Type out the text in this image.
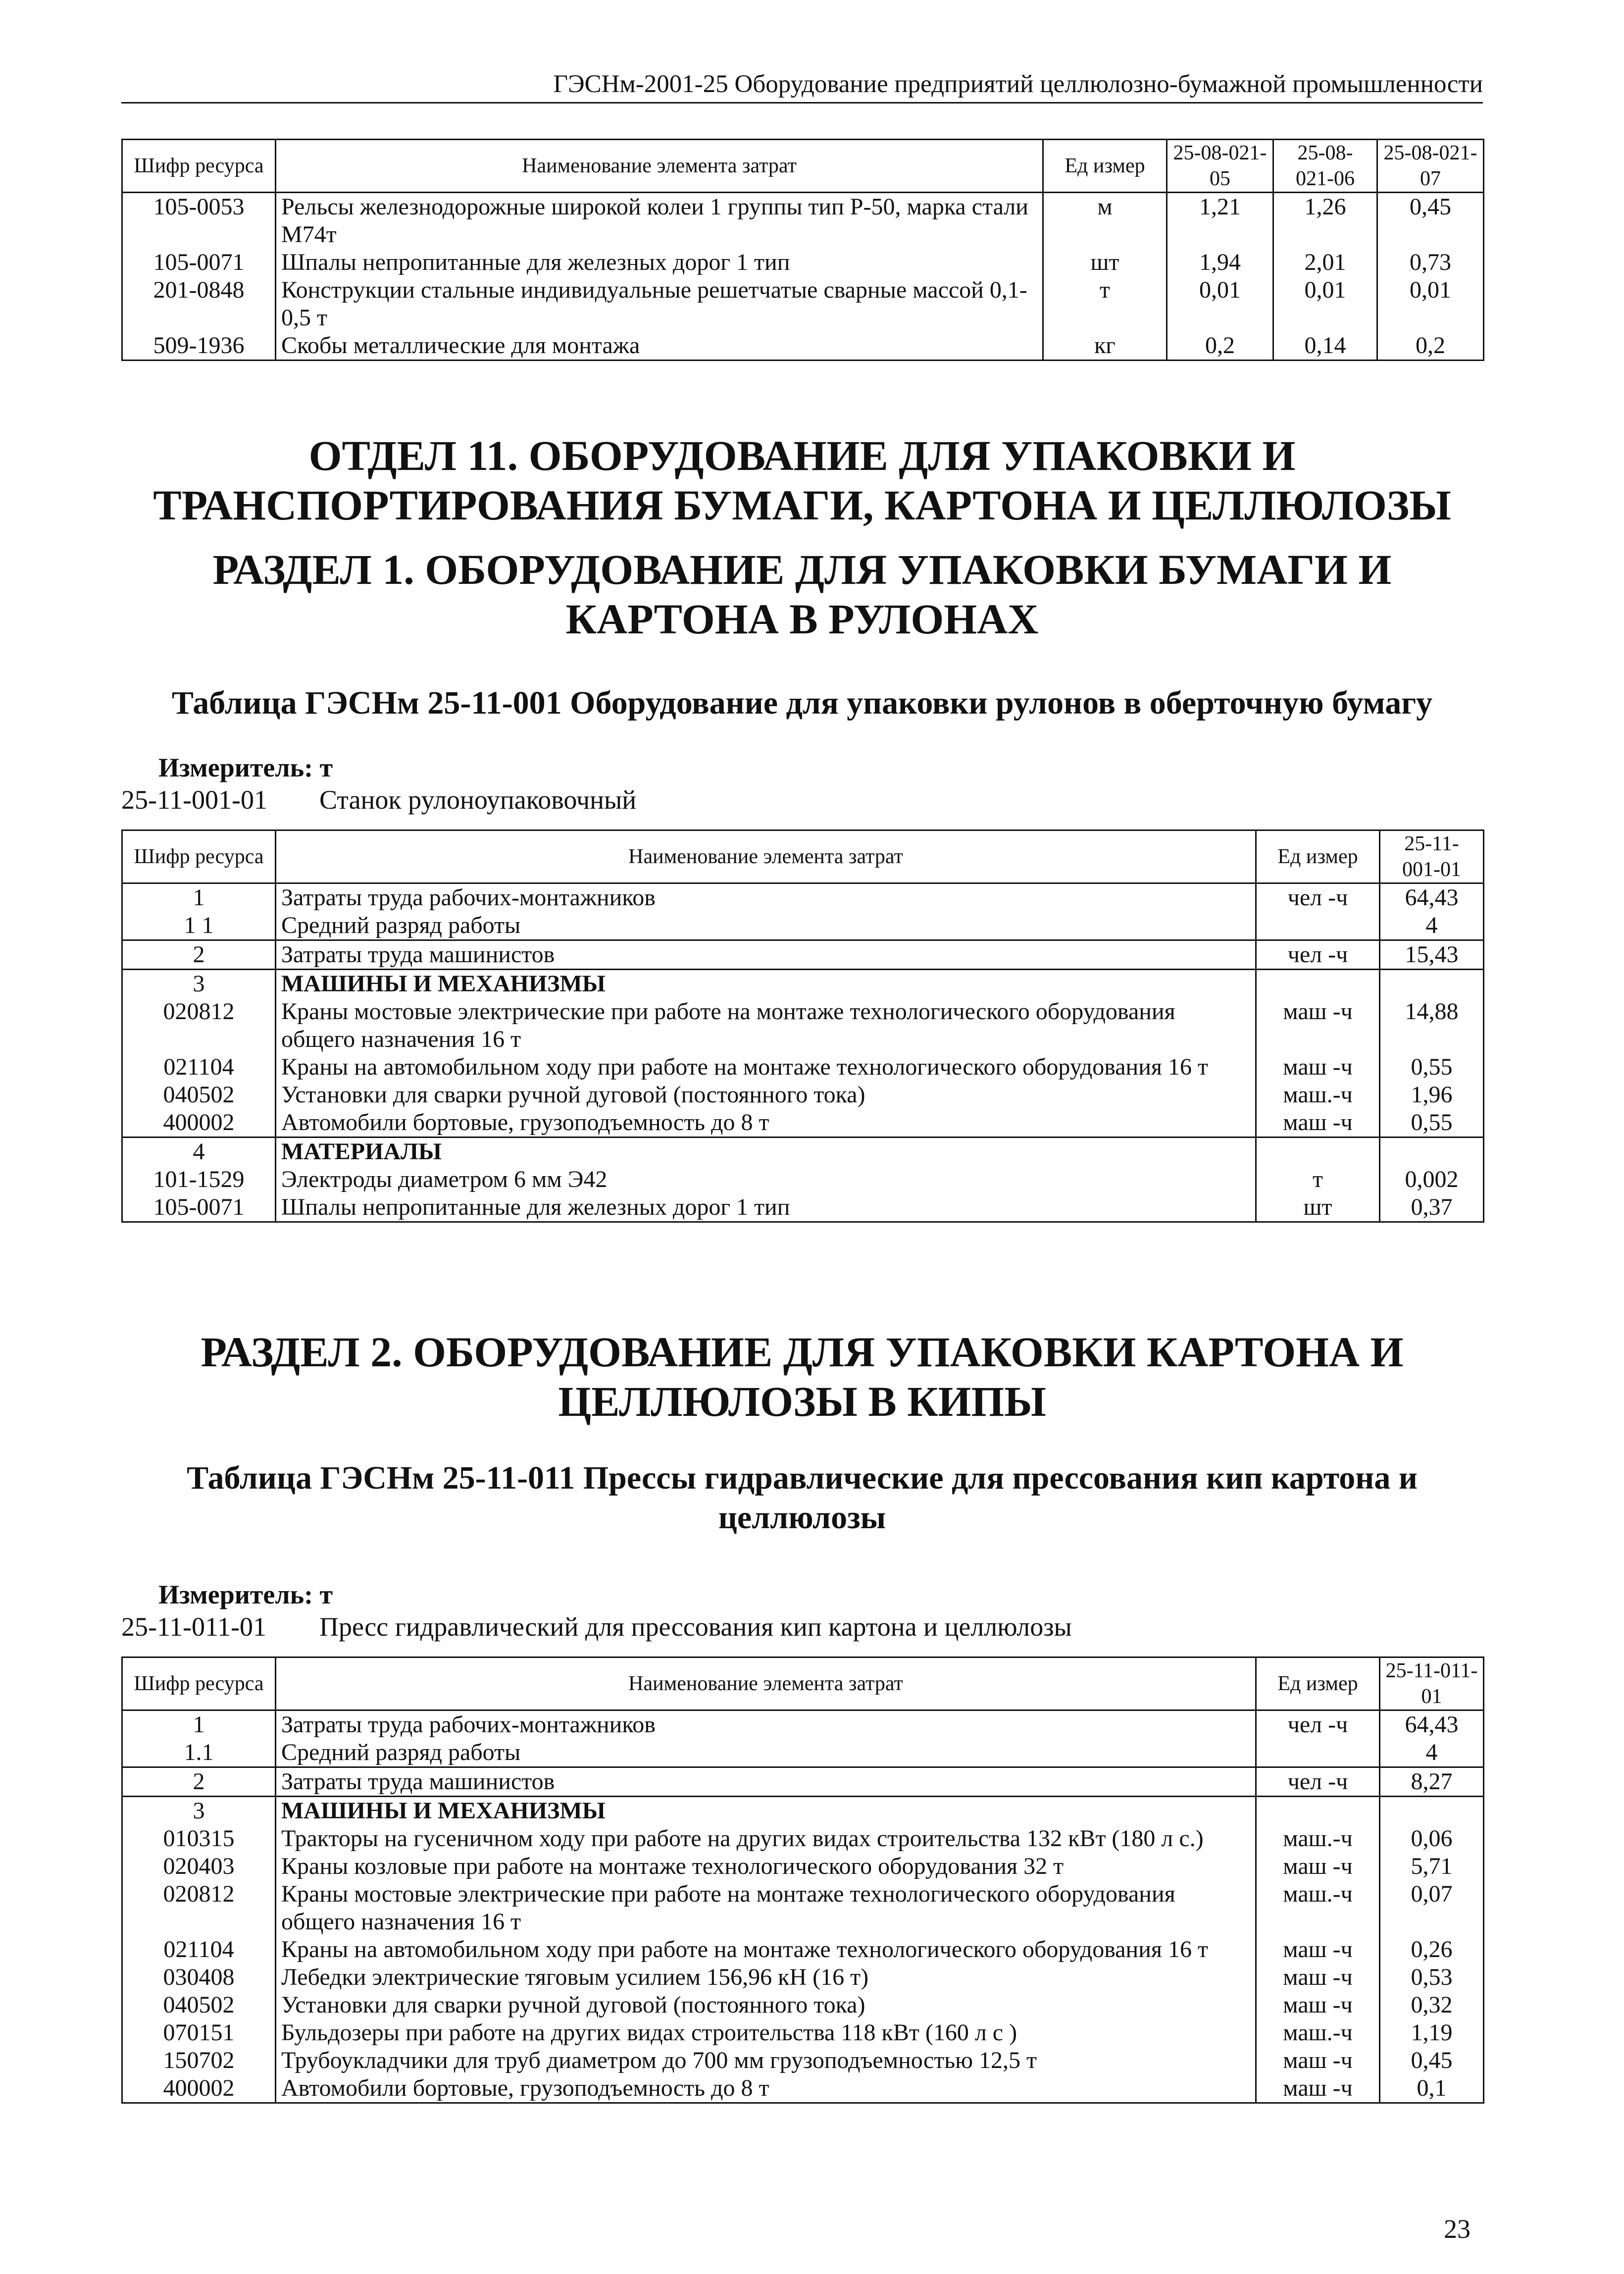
ГЭСНм-2001-25 Оборудование предприятий целлюлозно-бумажной промышленности
Шифр ресурса	Наименование элемента затрат	Ед измер	25-08-021-05	25-08-021-06	25-08-021-07
105-0053	Рельсы железнодорожные широкой колеи 1 группы тип Р-50, марка стали М74т	м	1,21	1,26	0,45
105-0071	Шпалы непропитанные для железных дорог 1 тип	шт	1,94	2,01	0,73
201-0848	Конструкции стальные индивидуальные решетчатые сварные массой 0,1-0,5 т	т	0,01	0,01	0,01
509-1936	Скобы металлические для монтажа	кг	0,2	0,14	0,2
ОТДЕЛ 11. ОБОРУДОВАНИЕ ДЛЯ УПАКОВКИ И ТРАНСПОРТИРОВАНИЯ БУМАГИ, КАРТОНА И ЦЕЛЛЮЛОЗЫ
РАЗДЕЛ 1. ОБОРУДОВАНИЕ ДЛЯ УПАКОВКИ БУМАГИ И КАРТОНА В РУЛОНАХ
Таблица ГЭСНм 25-11-001 Оборудование для упаковки рулонов в оберточную бумагу
Измеритель: т
25-11-001-01 Станок рулоноупаковочный
Шифр ресурса	Наименование элемента затрат	Ед измер	25-11-001-01
1	Затраты труда рабочих-монтажников	чел -ч	64,43
1 1	Средний разряд работы		4
2	Затраты труда машинистов	чел -ч	15,43
3	МАШИНЫ И МЕХАНИЗМЫ		
020812	Краны мостовые электрические при работе на монтаже технологического оборудования общего назначения 16 т	маш -ч	14,88
021104	Краны на автомобильном ходу при работе на монтаже технологического оборудования 16 т	маш -ч	0,55
040502	Установки для сварки ручной дуговой (постоянного тока)	маш.-ч	1,96
400002	Автомобили бортовые, грузоподъемность до 8 т	маш -ч	0,55
4	МАТЕРИАЛЫ		
101-1529	Электроды диаметром 6 мм Э42	т	0,002
105-0071	Шпалы непропитанные для железных дорог 1 тип	шт	0,37
РАЗДЕЛ 2. ОБОРУДОВАНИЕ ДЛЯ УПАКОВКИ КАРТОНА И ЦЕЛЛЮЛОЗЫ В КИПЫ
Таблица ГЭСНм 25-11-011 Прессы гидравлические для прессования кип картона и целлюлозы
Измеритель: т
25-11-011-01 Пресс гидравлический для прессования кип картона и целлюлозы
Шифр ресурса	Наименование элемента затрат	Ед измер	25-11-011-01
1	Затраты труда рабочих-монтажников	чел -ч	64,43
1.1	Средний разряд работы		4
2	Затраты труда машинистов	чел -ч	8,27
3	МАШИНЫ И МЕХАНИЗМЫ		
010315	Тракторы на гусеничном ходу при работе на других видах строительства 132 кВт (180 л с.)	маш.-ч	0,06
020403	Краны козловые при работе на монтаже технологического оборудования 32 т	маш -ч	5,71
020812	Краны мостовые электрические при работе на монтаже технологического оборудования общего назначения 16 т	маш.-ч	0,07
021104	Краны на автомобильном ходу при работе на монтаже технологического оборудования 16 т	маш -ч	0,26
030408	Лебедки электрические тяговым усилием 156,96 кН (16 т)	маш -ч	0,53
040502	Установки для сварки ручной дуговой (постоянного тока)	маш -ч	0,32
070151	Бульдозеры при работе на других видах строительства 118 кВт (160 л с )	маш.-ч	1,19
150702	Трубоукладчики для труб диаметром до 700 мм грузоподъемностью 12,5 т	маш -ч	0,45
400002	Автомобили бортовые, грузоподъемность до 8 т	маш -ч	0,1
23
